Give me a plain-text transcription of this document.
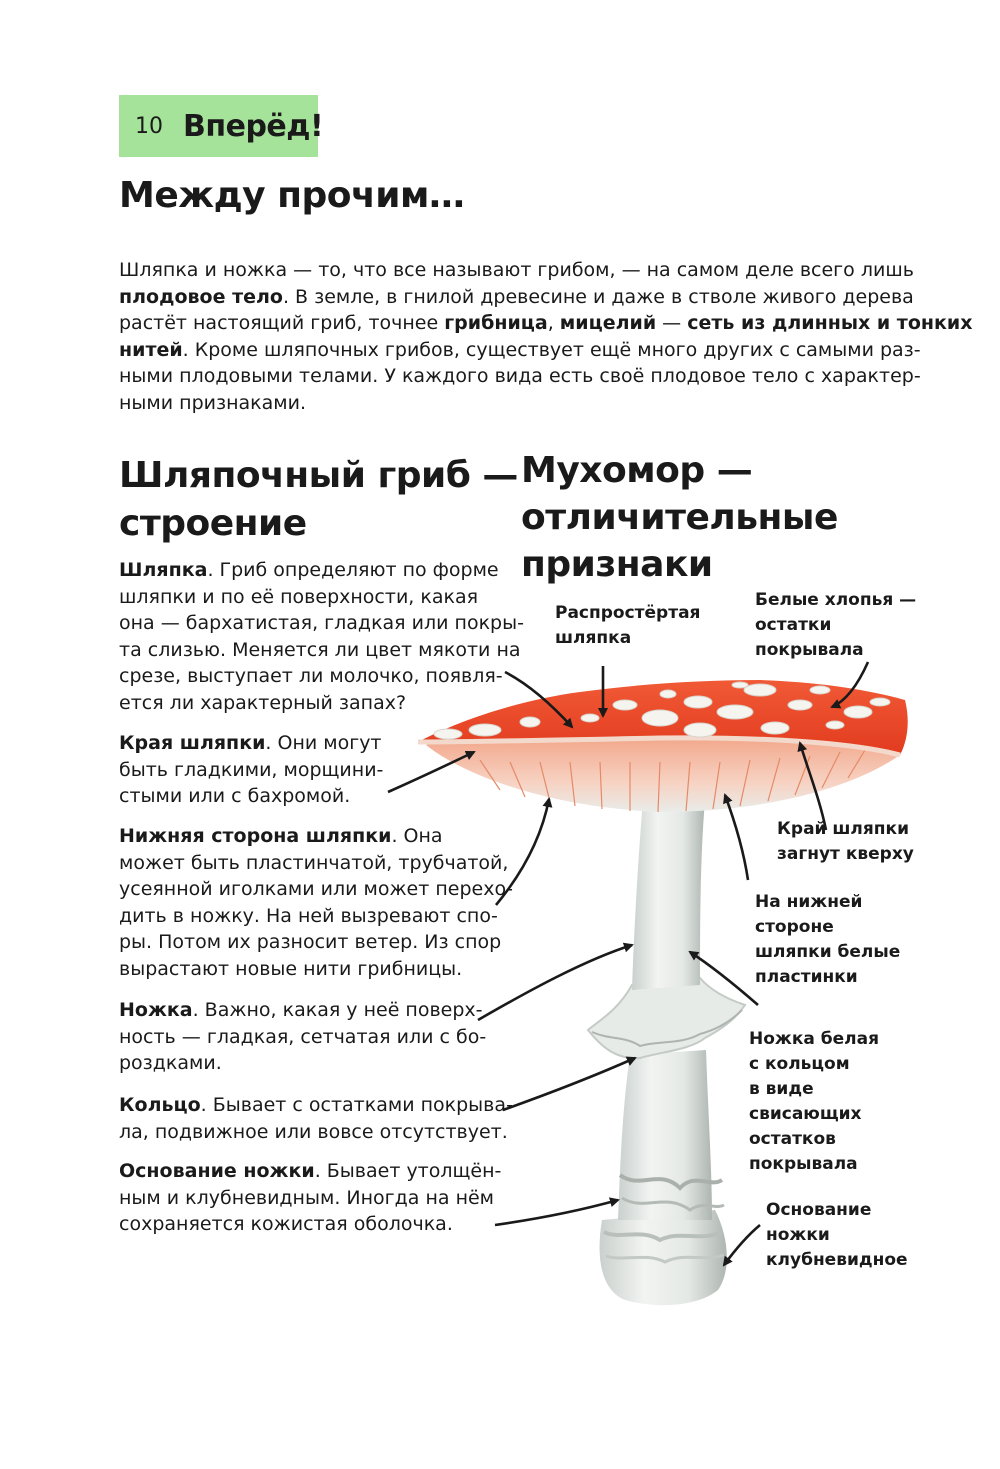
10 Вперёд!
Между прочим…

Шляпка и ножка — то, что все называют грибом, — на самом деле всего лишь
плодовое тело. В земле, в гнилой древесине и даже в стволе живого дерева
растёт настоящий гриб, точнее грибница, мицелий — сеть из длинных и тонких
нитей. Кроме шляпочных грибов, существует ещё много других с самыми раз-
ными плодовыми телами. У каждого вида есть своё плодовое тело с характер-
ными признаками.

Шляпочный гриб —
строение
Мухомор —
отличительные
признаки

Шляпка. Гриб определяют по форме
шляпки и по её поверхности, какая
она — бархатистая, гладкая или покры-
та слизью. Меняется ли цвет мякоти на
срезе, выступает ли молочко, появля-
ется ли характерный запах?

Края шляпки. Они могут
быть гладкими, морщини-
стыми или с бахромой.

Нижняя сторона шляпки. Она
может быть пластинчатой, трубчатой,
усеянной иголками или может перехо-
дить в ножку. На ней вызревают спо-
ры. Потом их разносит ветер. Из спор
вырастают новые нити грибницы.

Ножка. Важно, какая у неё поверх-
ность — гладкая, сетчатая или с бо-
роздками.

Кольцо. Бывает с остатками покрыва-
ла, подвижное или вовсе отсутствует.

Основание ножки. Бывает утолщён-
ным и клубневидным. Иногда на нём
сохраняется кожистая оболочка.

Распростёртая
шляпка

Белые хлопья —
остатки
покрывала

Край шляпки
загнут кверху

На нижней
стороне
шляпки белые
пластинки

Ножка белая
с кольцом
в виде
свисающих
остатков
покрывала

Основание
ножки
клубневидное
